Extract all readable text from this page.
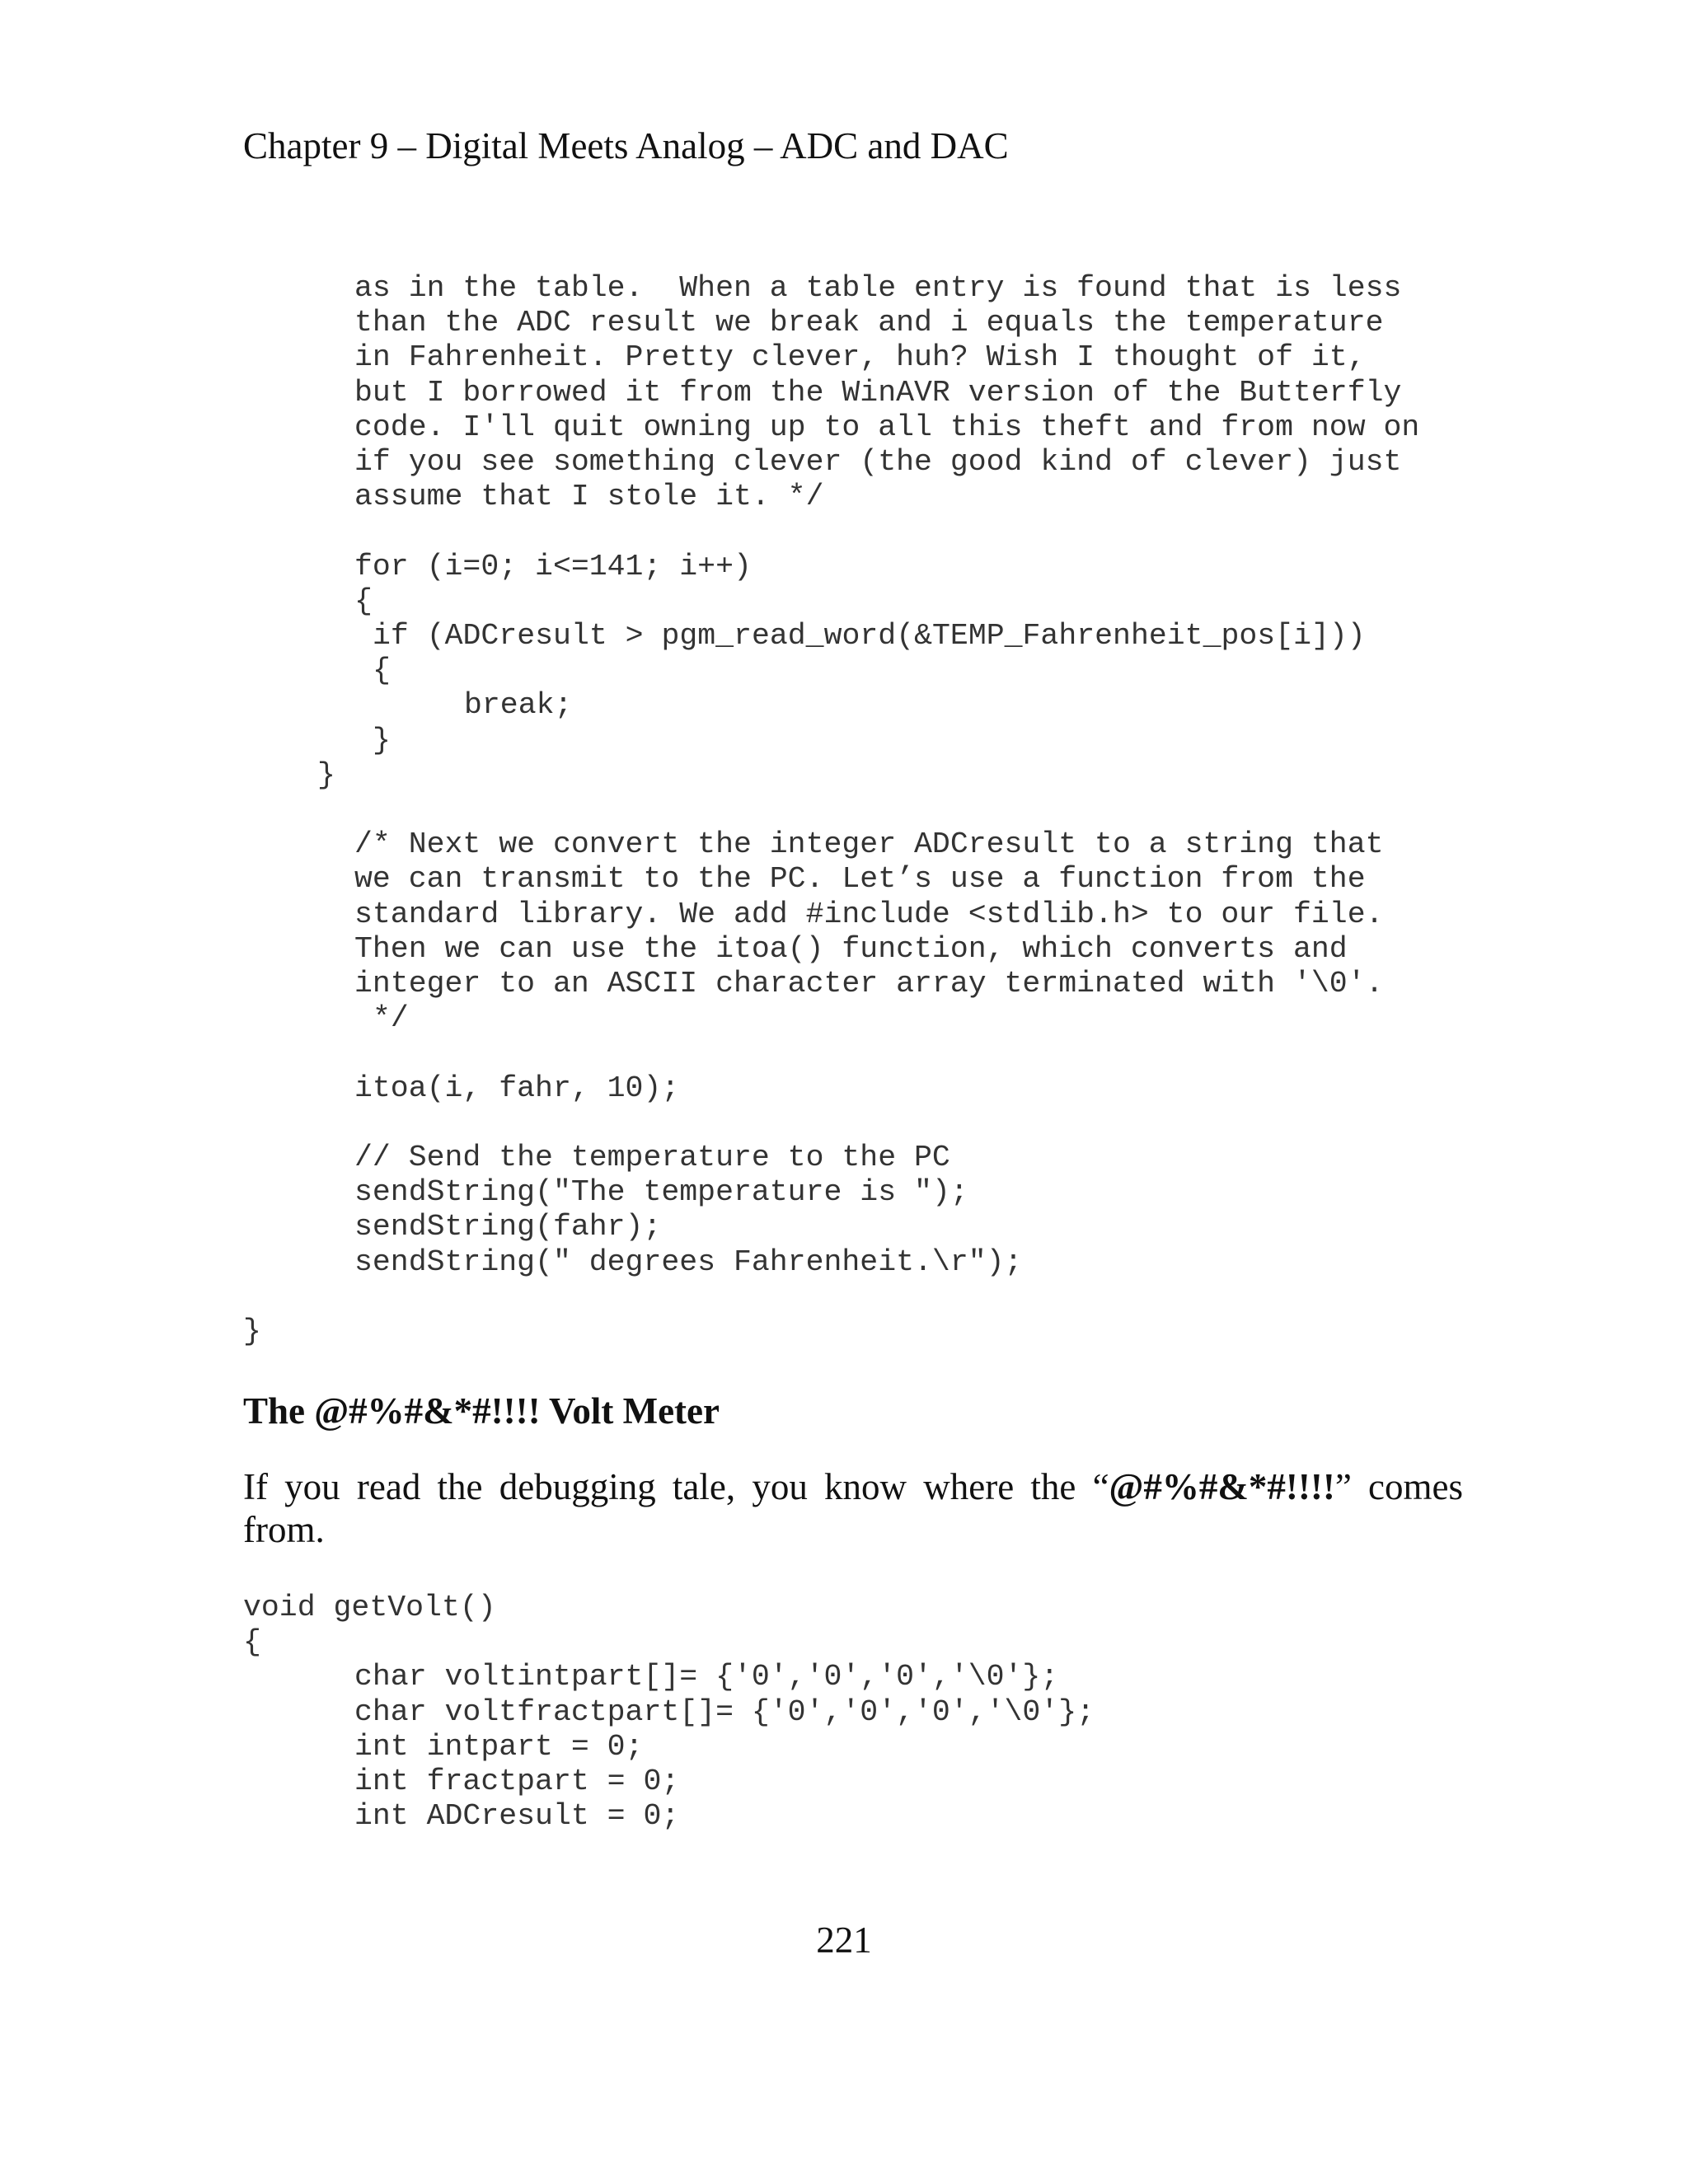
Chapter 9 – Digital Meets Analog – ADC and DAC
as in the table.  When a table entry is found that is less
than the ADC result we break and i equals the temperature
in Fahrenheit. Pretty clever, huh? Wish I thought of it,
but I borrowed it from the WinAVR version of the Butterfly
code. I'll quit owning up to all this theft and from now on
if you see something clever (the good kind of clever) just
assume that I stole it. */
for (i=0; i<=141; i++)
{
if (ADCresult > pgm_read_word(&TEMP_Fahrenheit_pos[i]))
{
break;
}
}
/* Next we convert the integer ADCresult to a string that
we can transmit to the PC. Let’s use a function from the
standard library. We add #include <stdlib.h> to our file.
Then we can use the itoa() function, which converts and
integer to an ASCII character array terminated with '\0'.
*/
itoa(i, fahr, 10);
// Send the temperature to the PC
sendString("The temperature is ");
sendString(fahr);
sendString(" degrees Fahrenheit.\r");
}
The @#%#&*#!!!! Volt Meter

If you read the debugging tale, you know where the “@#%#&*#!!!!” comes from.

void getVolt()
{
char voltintpart[]= {'0','0','0','\0'};
char voltfractpart[]= {'0','0','0','\0'};
int intpart = 0;
int fractpart = 0;
int ADCresult = 0;

221
